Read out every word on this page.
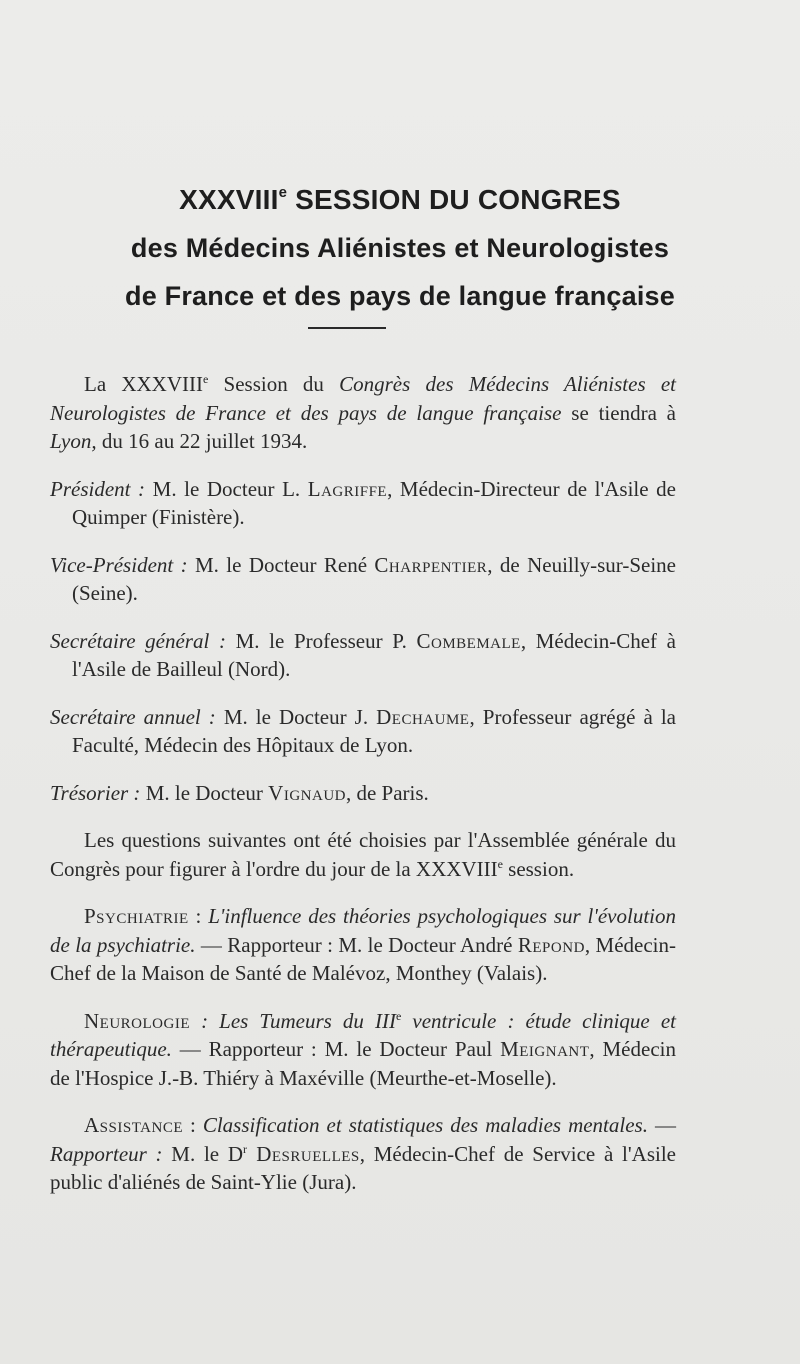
XXXVIIIe SESSION DU CONGRES
des Médecins Aliénistes et Neurologistes
de France et des pays de langue française

La XXXVIIIe Session du Congrès des Médecins Aliénistes et Neurologistes de France et des pays de langue française se tiendra à Lyon, du 16 au 22 juillet 1934.

Président : M. le Docteur L. Lagriffe, Médecin-Directeur de l'Asile de Quimper (Finistère).

Vice-Président : M. le Docteur René Charpentier, de Neuilly-sur-Seine (Seine).

Secrétaire général : M. le Professeur P. Combemale, Médecin-Chef à l'Asile de Bailleul (Nord).

Secrétaire annuel : M. le Docteur J. Dechaume, Professeur agrégé à la Faculté, Médecin des Hôpitaux de Lyon.

Trésorier : M. le Docteur Vignaud, de Paris.

Les questions suivantes ont été choisies par l'Assemblée générale du Congrès pour figurer à l'ordre du jour de la XXXVIIIe session.

Psychiatrie : L'influence des théories psychologiques sur l'évolution de la psychiatrie. — Rapporteur : M. le Docteur André Repond, Médecin-Chef de la Maison de Santé de Malévoz, Monthey (Valais).

Neurologie : Les Tumeurs du IIIe ventricule : étude clinique et thérapeutique. — Rapporteur : M. le Docteur Paul Meignant, Médecin de l'Hospice J.-B. Thiéry à Maxéville (Meurthe-et-Moselle).

Assistance : Classification et statistiques des maladies mentales. — Rapporteur : M. le $D^r$ Desruelles, Médecin-Chef de Service à l'Asile public d'aliénés de Saint-Ylie (Jura).
